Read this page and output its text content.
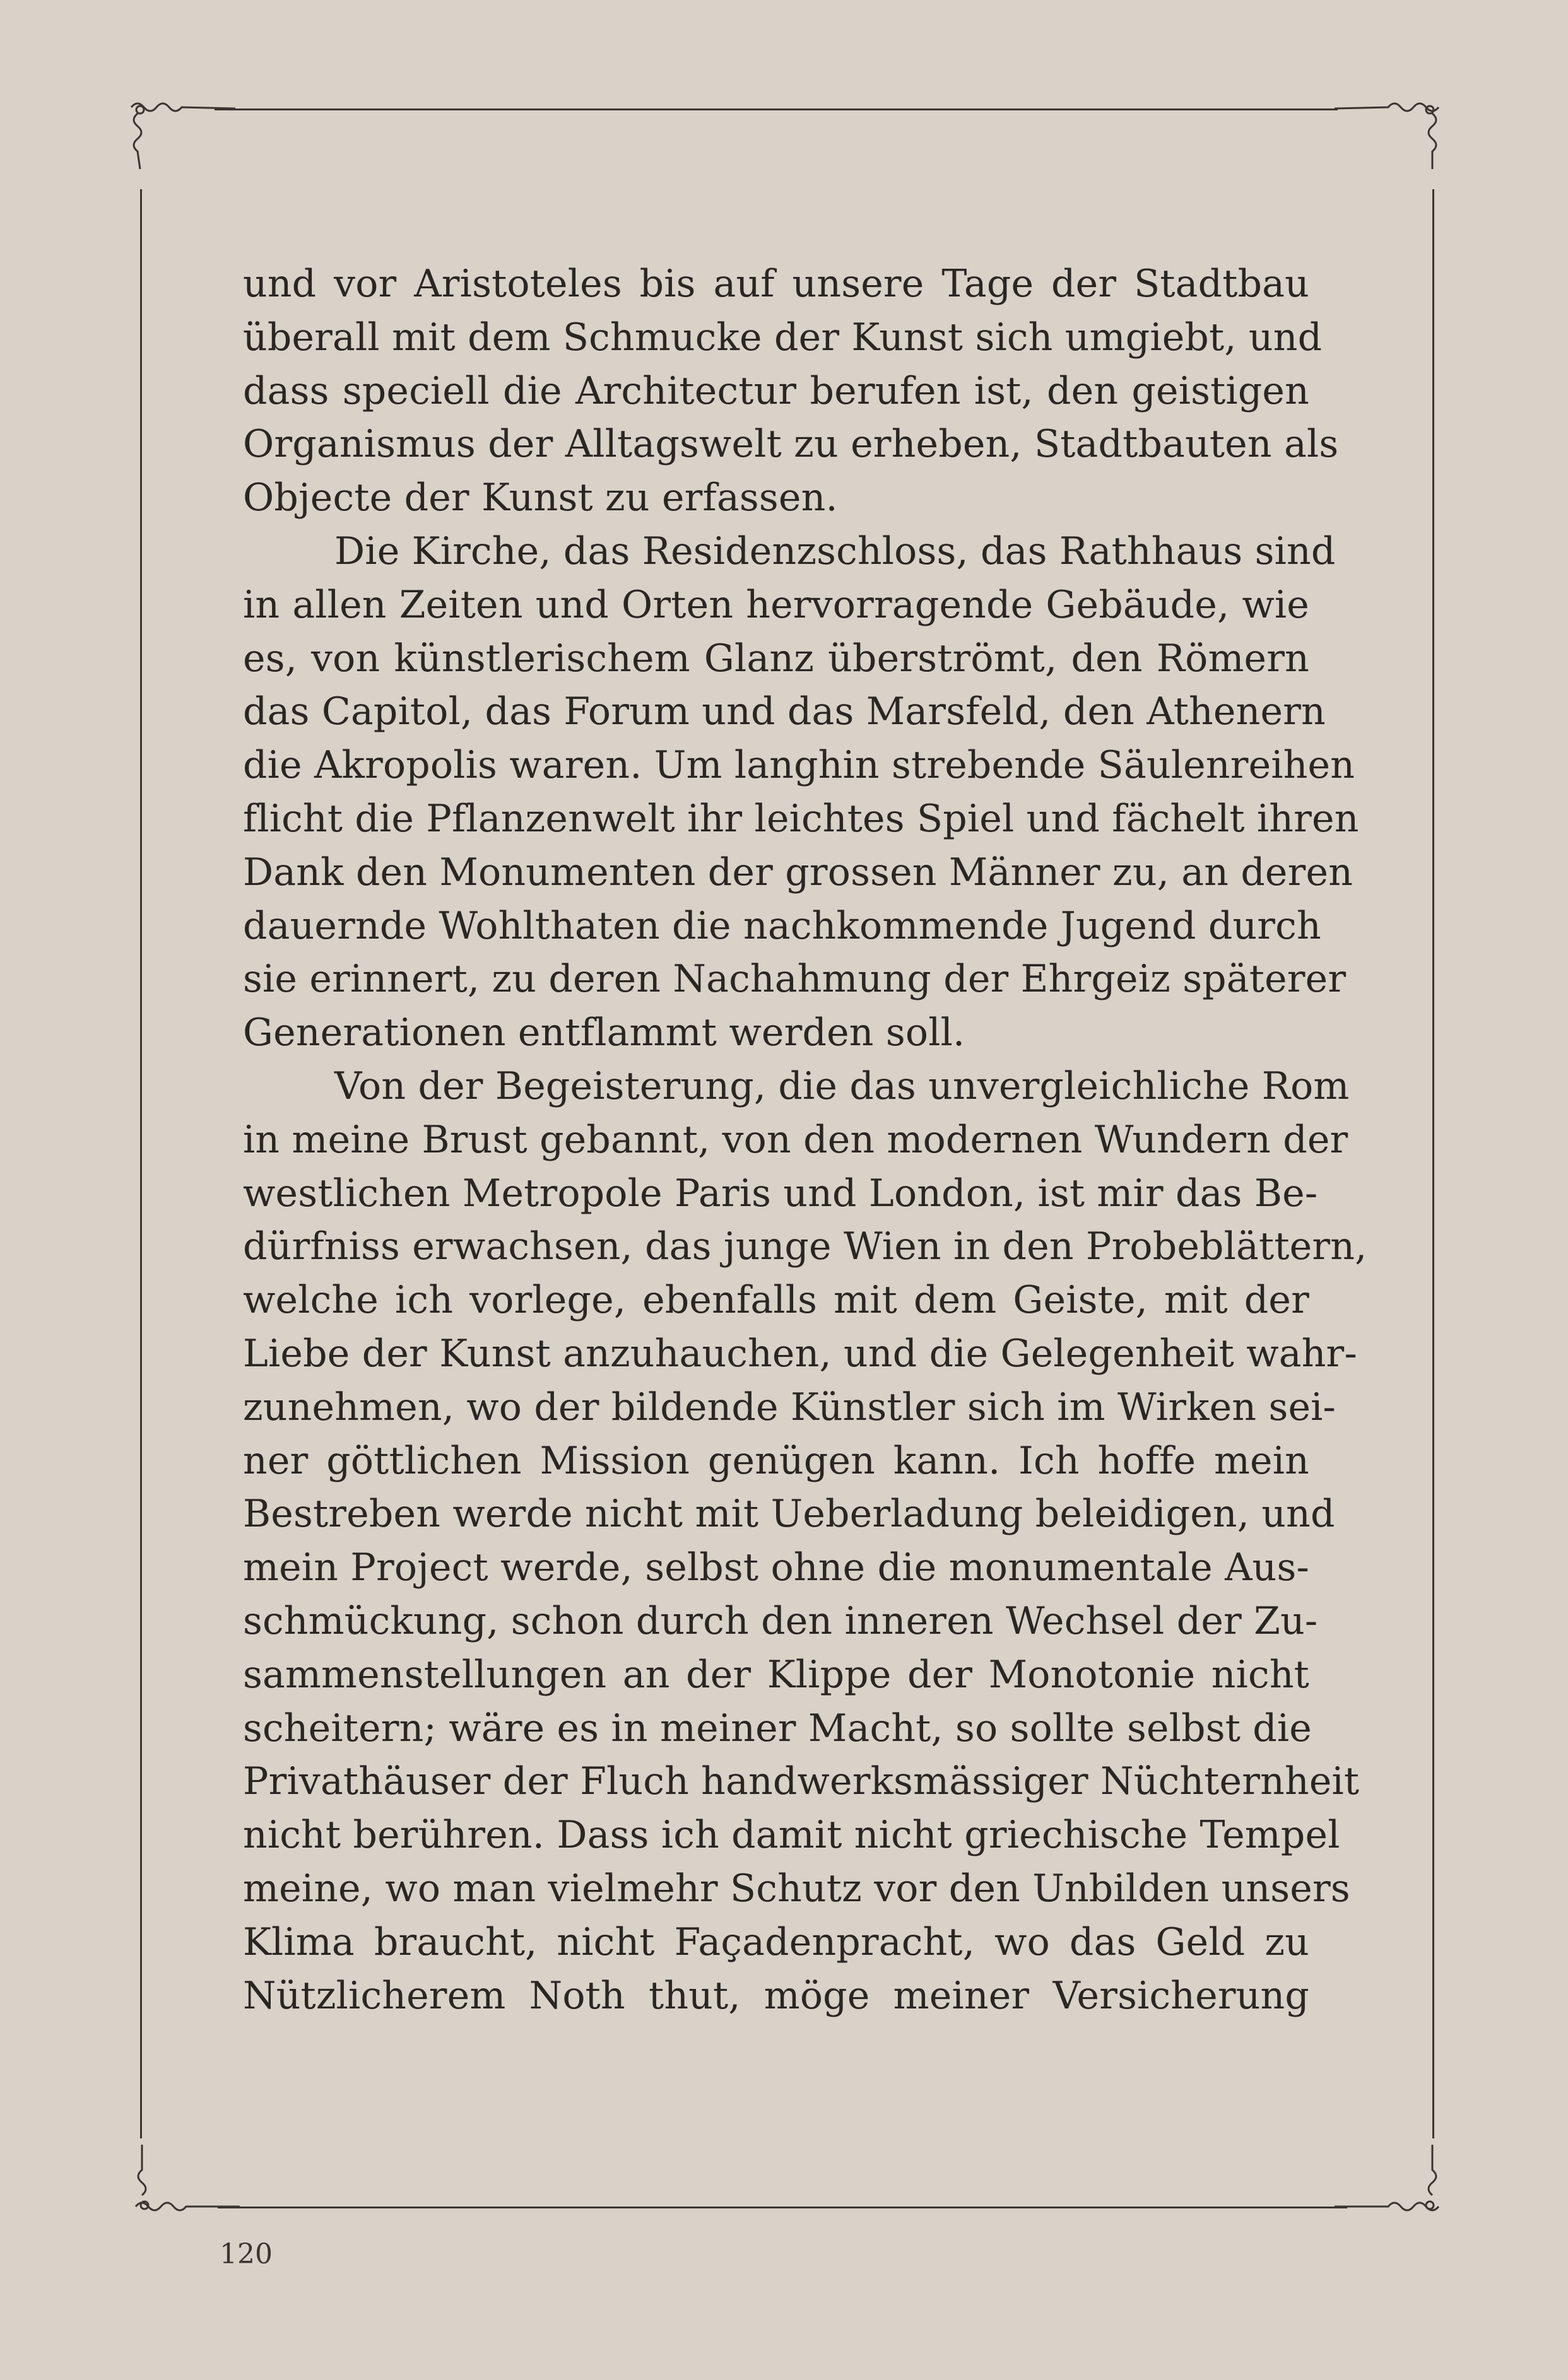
und vor Aristoteles bis auf unsere Tage der Stadtbau
überall mit dem Schmucke der Kunst sich umgiebt, und
dass speciell die Architectur berufen ist, den geistigen
Organismus der Alltagswelt zu erheben, Stadtbauten als
Objecte der Kunst zu erfassen.
Die Kirche, das Residenzschloss, das Rathhaus sind
in allen Zeiten und Orten hervorragende Gebäude, wie
es, von künstlerischem Glanz überströmt, den Römern
das Capitol, das Forum und das Marsfeld, den Athenern
die Akropolis waren. Um langhin strebende Säulenreihen
flicht die Pflanzenwelt ihr leichtes Spiel und fächelt ihren
Dank den Monumenten der grossen Männer zu, an deren
dauernde Wohlthaten die nachkommende Jugend durch
sie erinnert, zu deren Nachahmung der Ehrgeiz späterer
Generationen entflammt werden soll.
Von der Begeisterung, die das unvergleichliche Rom
in meine Brust gebannt, von den modernen Wundern der
westlichen Metropole Paris und London, ist mir das Be-
dürfniss erwachsen, das junge Wien in den Probeblättern,
welche ich vorlege, ebenfalls mit dem Geiste, mit der
Liebe der Kunst anzuhauchen, und die Gelegenheit wahr-
zunehmen, wo der bildende Künstler sich im Wirken sei-
ner göttlichen Mission genügen kann. Ich hoffe mein
Bestreben werde nicht mit Ueberladung beleidigen, und
mein Project werde, selbst ohne die monumentale Aus-
schmückung, schon durch den inneren Wechsel der Zu-
sammenstellungen an der Klippe der Monotonie nicht
scheitern; wäre es in meiner Macht, so sollte selbst die
Privathäuser der Fluch handwerksmässiger Nüchternheit
nicht berühren. Dass ich damit nicht griechische Tempel
meine, wo man vielmehr Schutz vor den Unbilden unsers
Klima braucht, nicht Façadenpracht, wo das Geld zu
Nützlicherem Noth thut, möge meiner Versicherung
120
